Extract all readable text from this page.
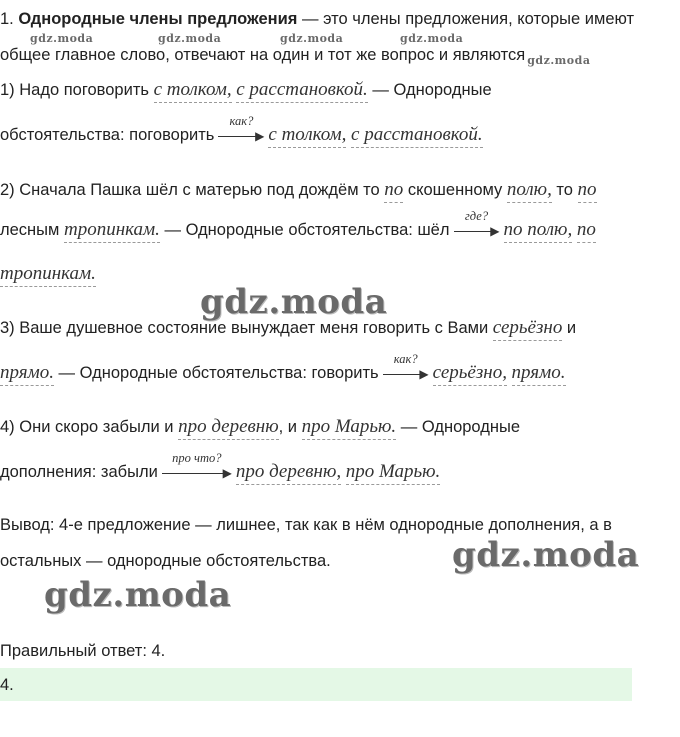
1. Однородные члены предложения — это члены предложения, которые имеют
общее главное слово, отвечают на один и тот же вопрос и являются $_{gdz.moda}$
gdz.moda	gdz.moda	gdz.moda	gdz.moda
1) Надо поговорить с толком, с расстановкой. — Однородные
обстоятельства: поговорить
как?
▶ с толком, с расстановкой.
2) Сначала Пашка шёл с матерью под дождём то по скошенному полю, то по
лесным тропинкам. — Однородные обстоятельства: шёл
где?
▶ по полю, по
тропинкам.
gdz.moda
3) Ваше душевное состояние вынуждает меня говорить с Вами серьёзно и
прямо. — Однородные обстоятельства: говорить
как?
▶ серьёзно, прямо.
4) Они скоро забыли и про деревню, и про Марью. — Однородные
дополнения: забыли
про что?
▶ про деревню, про Марью.
Вывод: 4-е предложение — лишнее, так как в нём однородные дополнения, а в
остальных — однородные обстоятельства.	gdz.moda
gdz.moda
Правильный ответ: 4.
4.
